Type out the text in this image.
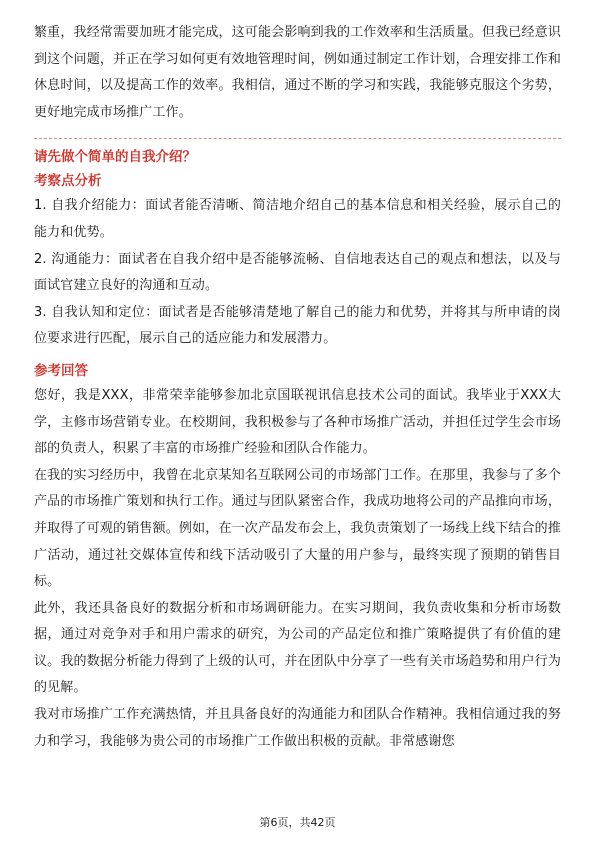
繁重，我经常需要加班才能完成，这可能会影响到我的工作效率和生活质量。但我已经意识到这个问题，并正在学习如何更有效地管理时间，例如通过制定工作计划，合理安排工作和休息时间，以及提高工作的效率。我相信，通过不断的学习和实践，我能够克服这个劣势，更好地完成市场推广工作。

请先做个简单的自我介绍？

考察点分析

1. 自我介绍能力：面试者能否清晰、简洁地介绍自己的基本信息和相关经验，展示自己的能力和优势。

2. 沟通能力：面试者在自我介绍中是否能够流畅、自信地表达自己的观点和想法，以及与面试官建立良好的沟通和互动。

3. 自我认知和定位：面试者是否能够清楚地了解自己的能力和优势，并将其与所申请的岗位要求进行匹配，展示自己的适应能力和发展潜力。

参考回答

您好，我是XXX，非常荣幸能够参加北京国联视讯信息技术公司的面试。我毕业于XXX大学，主修市场营销专业。在校期间，我积极参与了各种市场推广活动，并担任过学生会市场部的负责人，积累了丰富的市场推广经验和团队合作能力。

在我的实习经历中，我曾在北京某知名互联网公司的市场部门工作。在那里，我参与了多个产品的市场推广策划和执行工作。通过与团队紧密合作，我成功地将公司的产品推向市场，并取得了可观的销售额。例如，在一次产品发布会上，我负责策划了一场线上线下结合的推广活动，通过社交媒体宣传和线下活动吸引了大量的用户参与，最终实现了预期的销售目标。

此外，我还具备良好的数据分析和市场调研能力。在实习期间，我负责收集和分析市场数据，通过对竞争对手和用户需求的研究，为公司的产品定位和推广策略提供了有价值的建议。我的数据分析能力得到了上级的认可，并在团队中分享了一些有关市场趋势和用户行为的见解。

我对市场推广工作充满热情，并且具备良好的沟通能力和团队合作精神。我相信通过我的努力和学习，我能够为贵公司的市场推广工作做出积极的贡献。非常感谢您

第6页，共42页
